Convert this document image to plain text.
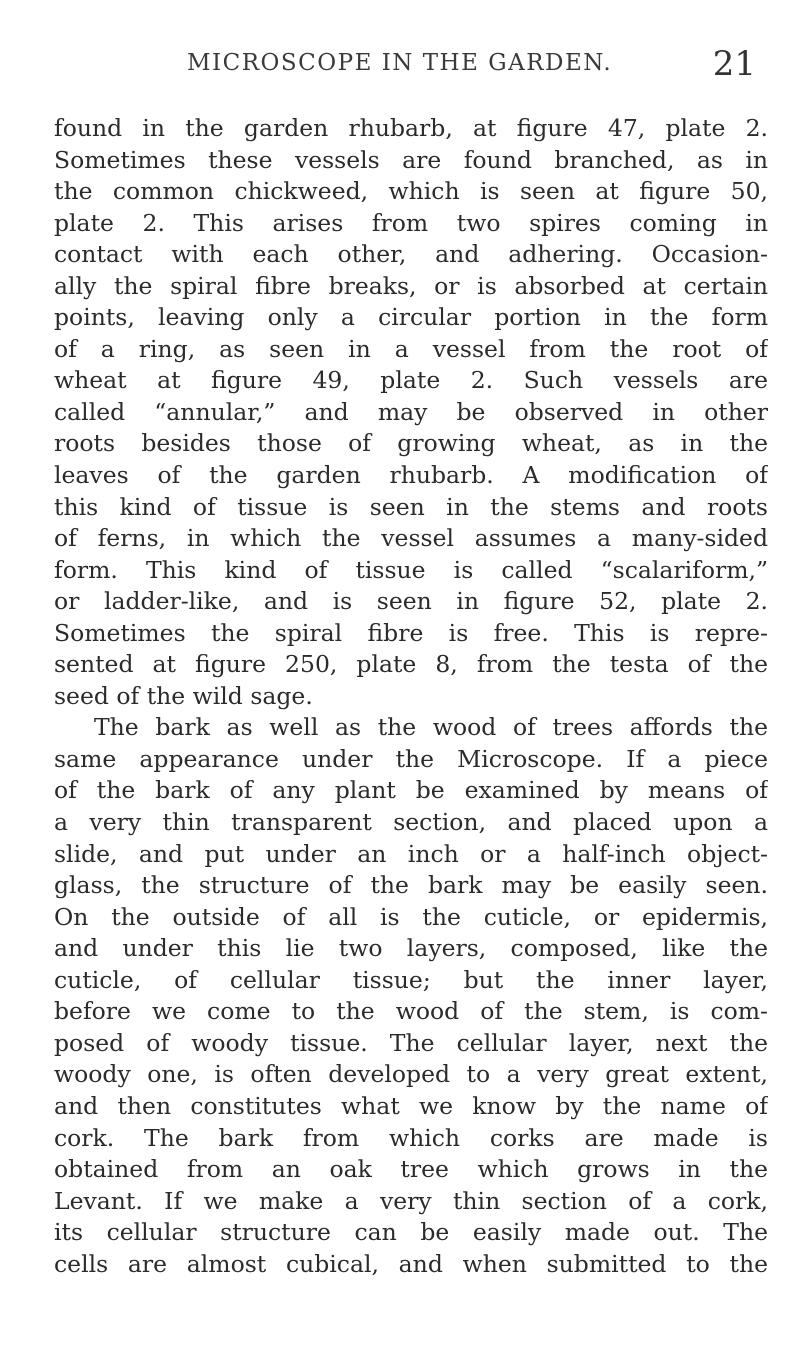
MICROSCOPE IN THE GARDEN.	21
found in the garden rhubarb, at figure 47, plate 2.
Sometimes these vessels are found branched, as in
the common chickweed, which is seen at figure 50,
plate 2. This arises from two spires coming in
contact with each other, and adhering. Occasion-
ally the spiral fibre breaks, or is absorbed at certain
points, leaving only a circular portion in the form
of a ring, as seen in a vessel from the root of
wheat at figure 49, plate 2. Such vessels are
called “annular,” and may be observed in other
roots besides those of growing wheat, as in the
leaves of the garden rhubarb. A modification of
this kind of tissue is seen in the stems and roots
of ferns, in which the vessel assumes a many-sided
form. This kind of tissue is called “scalariform,”
or ladder-like, and is seen in figure 52, plate 2.
Sometimes the spiral fibre is free. This is repre-
sented at figure 250, plate 8, from the testa of the
seed of the wild sage.
The bark as well as the wood of trees affords the
same appearance under the Microscope. If a piece
of the bark of any plant be examined by means of
a very thin transparent section, and placed upon a
slide, and put under an inch or a half-inch object-
glass, the structure of the bark may be easily seen.
On the outside of all is the cuticle, or epidermis,
and under this lie two layers, composed, like the
cuticle, of cellular tissue; but the inner layer,
before we come to the wood of the stem, is com-
posed of woody tissue. The cellular layer, next the
woody one, is often developed to a very great extent,
and then constitutes what we know by the name of
cork. The bark from which corks are made is
obtained from an oak tree which grows in the
Levant. If we make a very thin section of a cork,
its cellular structure can be easily made out. The
cells are almost cubical, and when submitted to the
